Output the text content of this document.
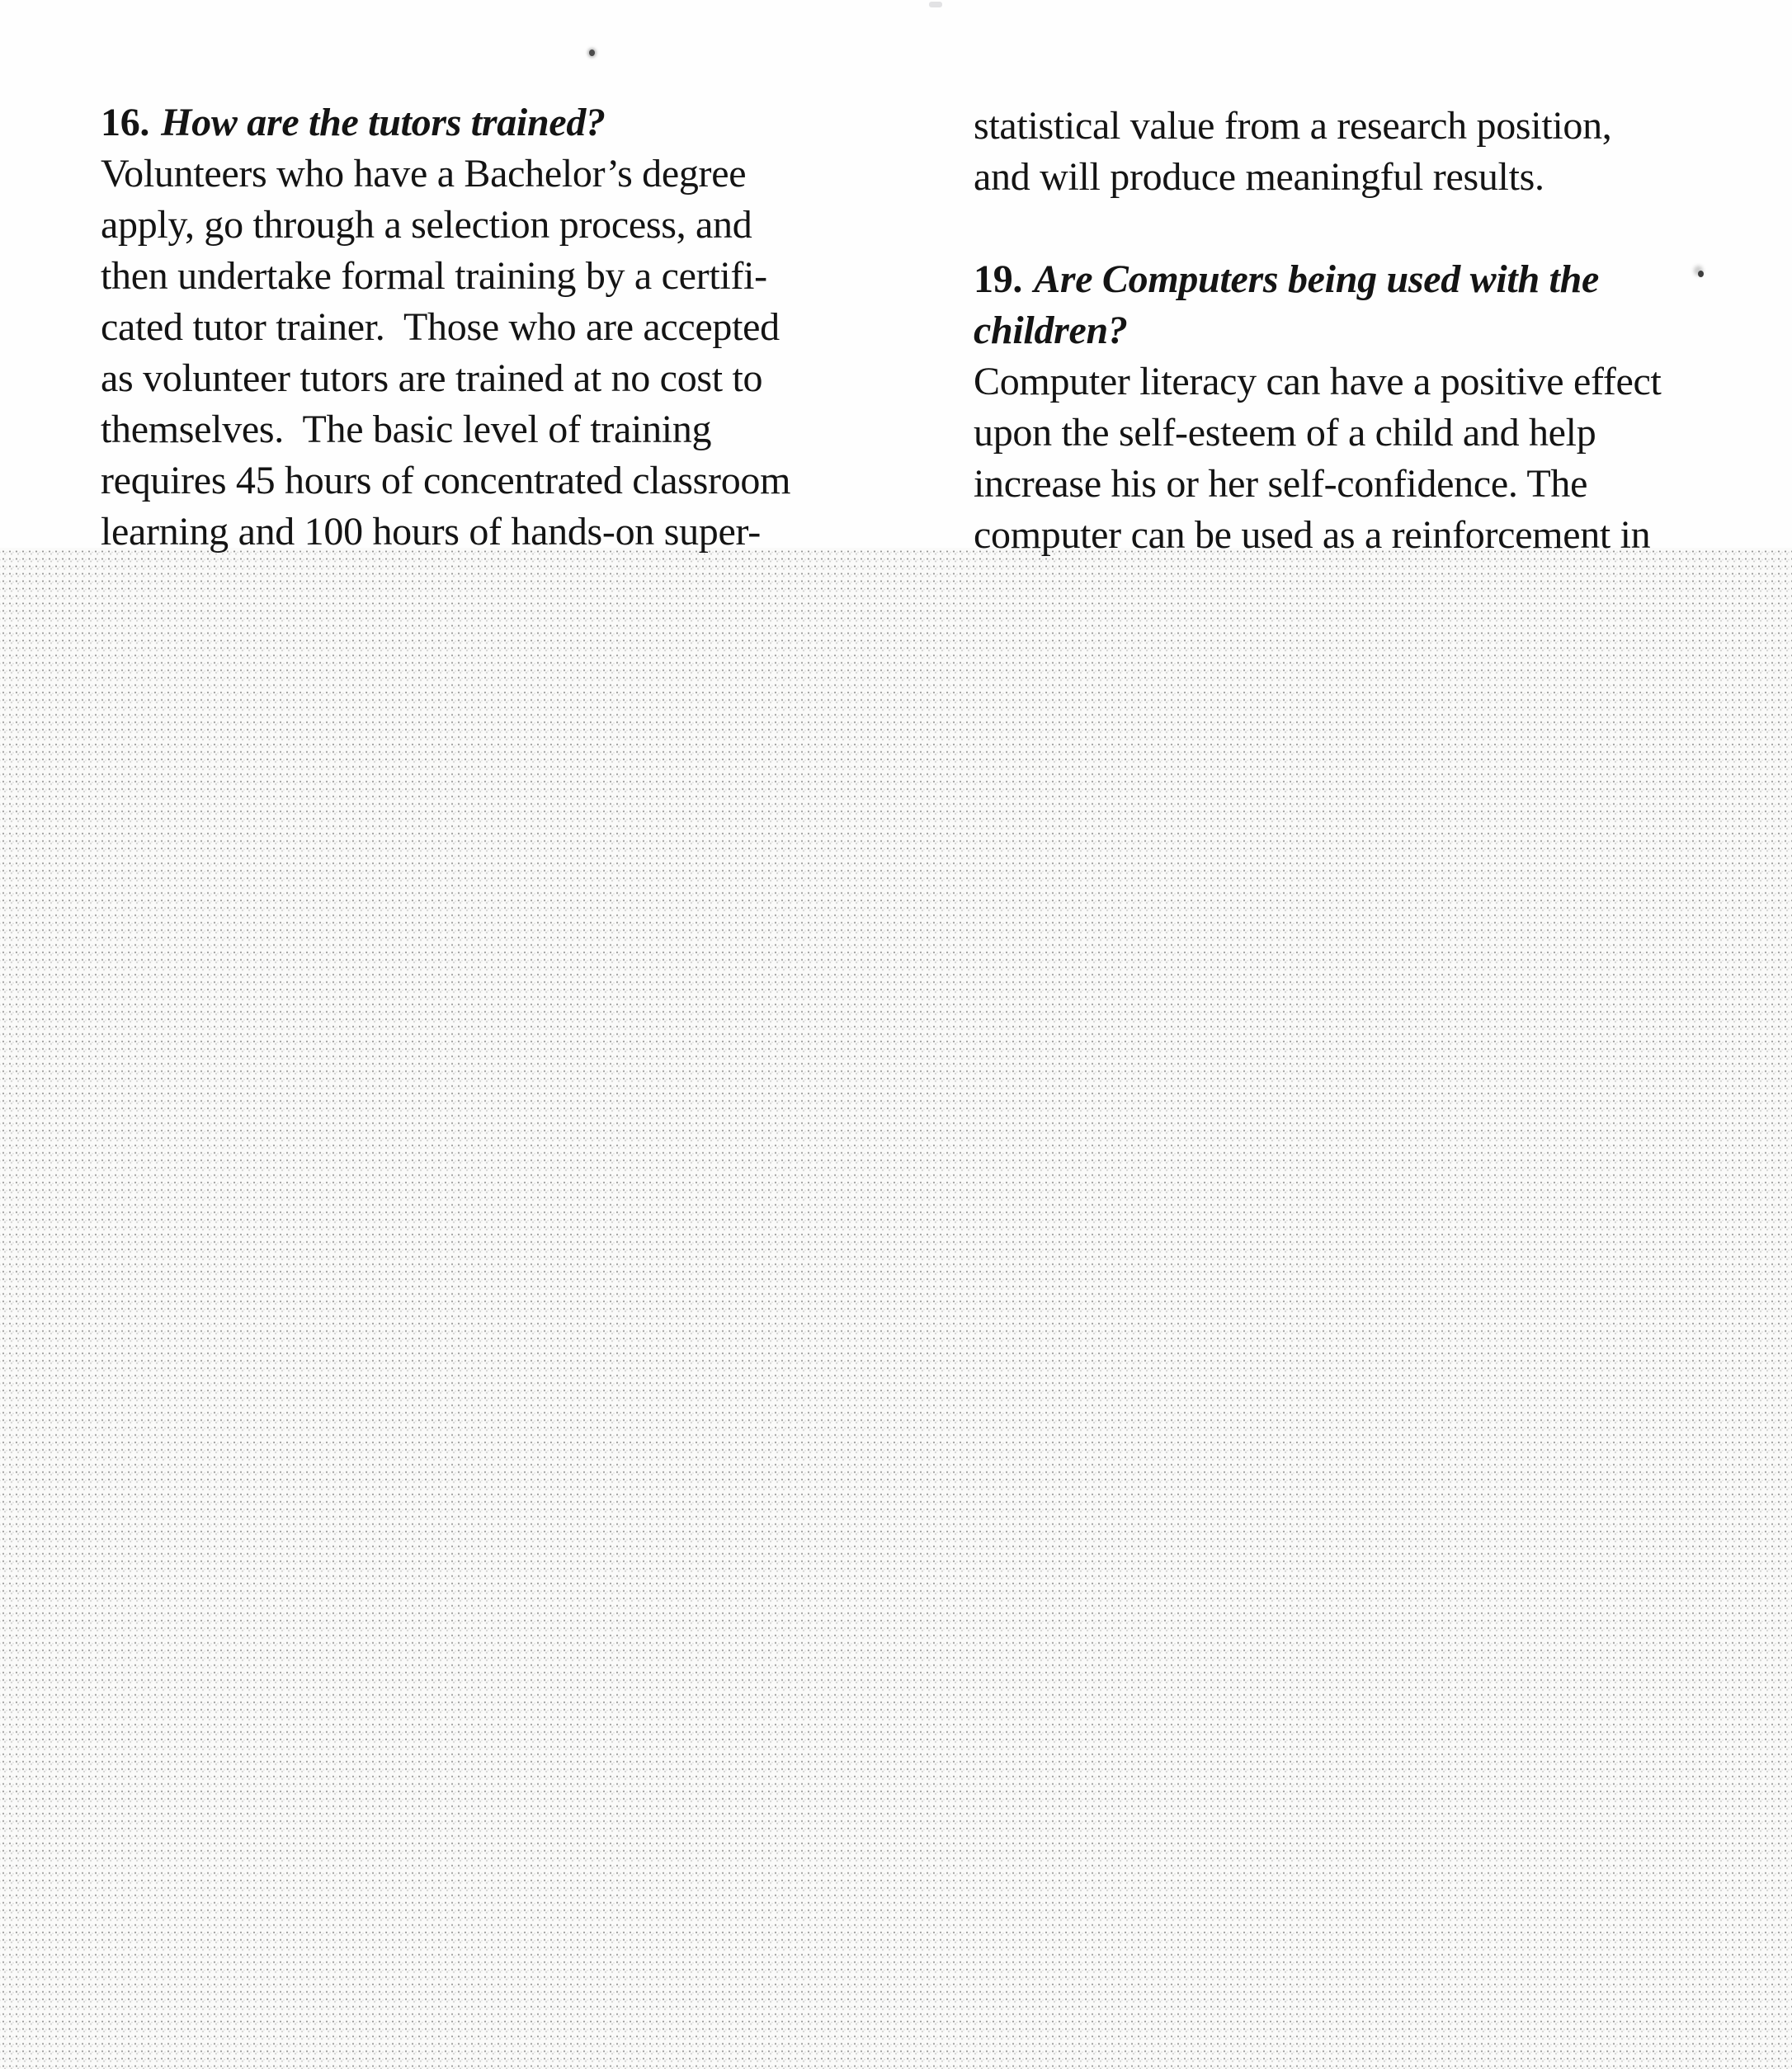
16. How are the tutors trained?

Volunteers who have a Bachelor’s degree

apply, go through a selection process, and

then undertake formal training by a certifi-

cated tutor trainer.  Those who are accepted

as volunteer tutors are trained at no cost to

themselves.  The basic level of training

requires 45 hours of concentrated classroom

learning and 100 hours of hands-on super-

statistical value from a research position,

and will produce meaningful results.

19. Are Computers being used with the
children?

Computer literacy can have a positive effect

upon the self-esteem of a child and help

increase his or her self-confidence. The

computer can be used as a reinforcement in
